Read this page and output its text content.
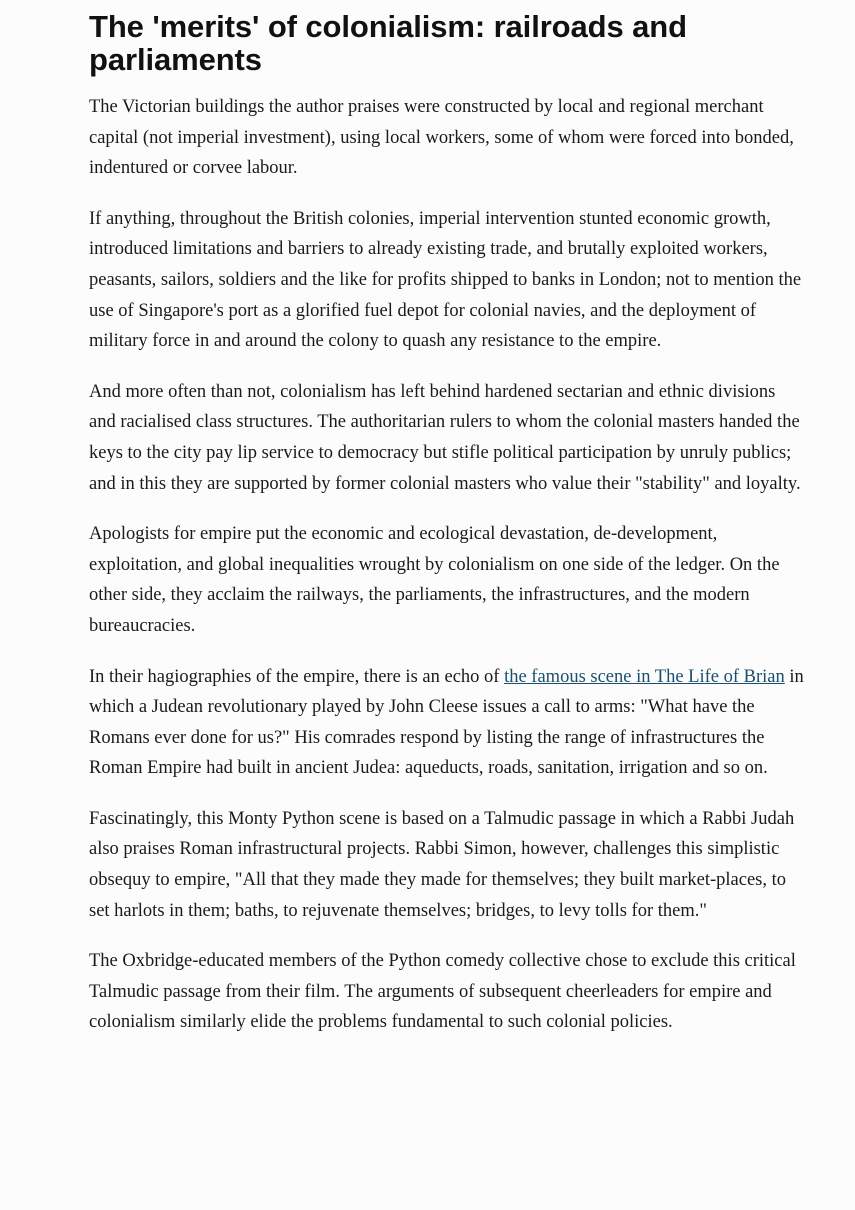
The 'merits' of colonialism: railroads and parliaments

The Victorian buildings the author praises were constructed by local and regional merchant capital (not imperial investment), using local workers, some of whom were forced into bonded, indentured or corvee labour.

If anything, throughout the British colonies, imperial intervention stunted economic growth, introduced limitations and barriers to already existing trade, and brutally exploited workers, peasants, sailors, soldiers and the like for profits shipped to banks in London; not to mention the use of Singapore's port as a glorified fuel depot for colonial navies, and the deployment of military force in and around the colony to quash any resistance to the empire.

And more often than not, colonialism has left behind hardened sectarian and ethnic divisions and racialised class structures. The authoritarian rulers to whom the colonial masters handed the keys to the city pay lip service to democracy but stifle political participation by unruly publics; and in this they are supported by former colonial masters who value their "stability" and loyalty.

Apologists for empire put the economic and ecological devastation, de-development, exploitation, and global inequalities wrought by colonialism on one side of the ledger. On the other side, they acclaim the railways, the parliaments, the infrastructures, and the modern bureaucracies.

In their hagiographies of the empire, there is an echo of the famous scene in The Life of Brian in which a Judean revolutionary played by John Cleese issues a call to arms: "What have the Romans ever done for us?" His comrades respond by listing the range of infrastructures the Roman Empire had built in ancient Judea: aqueducts, roads, sanitation, irrigation and so on.

Fascinatingly, this Monty Python scene is based on a Talmudic passage in which a Rabbi Judah also praises Roman infrastructural projects. Rabbi Simon, however, challenges this simplistic obsequy to empire, "All that they made they made for themselves; they built market-places, to set harlots in them; baths, to rejuvenate themselves; bridges, to levy tolls for them."

The Oxbridge-educated members of the Python comedy collective chose to exclude this critical Talmudic passage from their film. The arguments of subsequent cheerleaders for empire and colonialism similarly elide the problems fundamental to such colonial policies.
